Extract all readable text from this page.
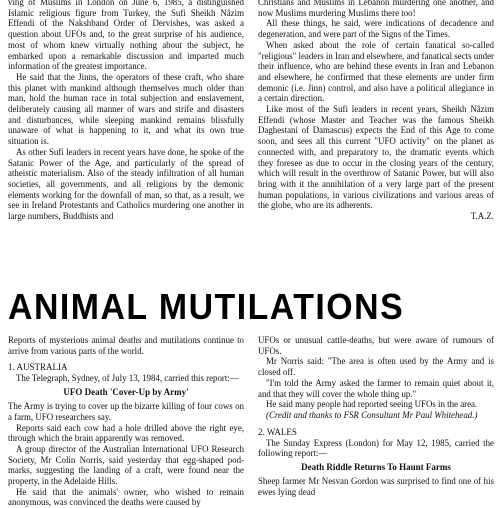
ving of Muslims in London on June 6, 1985, a distinguished Islamic religious figure from Turkey, the Sufi Sheikh Nâzim Effendi of the Nakshband Order of Dervishes, was asked a question about UFOs and, to the great surprise of his audience, most of whom knew virtually nothing about the subject, he embarked upon a remarkable discussion and imparted much information of the greatest importance.

He said that the Jinns, the operators of these craft, who share this planet with mankind although themselves much older than man, hold the human race in total subjection and enslavement, deliberately causing all manner of wars and strife and disasters and disturbances, while sleeping mankind remains blissfully unaware of what is happening to it, and what its own true situation is.

As other Sufi leaders in recent years have done, he spoke of the Satanic Power of the Age, and particularly of the spread of atheistic materialism. Also of the steady infiltration of all human societies, all governments, and all religions by the demonic elements working for the downfall of man, so that, as a result, we see in Ireland Protestants and Catholics murdering one another in large numbers, Buddhists and

Christians and Muslims in Lebanon murdering one another, and now Muslims murdering Muslims there too!

All these things, he said, were indications of decadence and degeneration, and were part of the Signs of the Times.

When asked about the role of certain fanatical so-called "religious" leaders in Iran and elsewhere, and fanatical sects under their influence, who are behind these events in Iran and Lebanon and elsewhere, he confirmed that these elements are under firm demonic (i.e. Jinn) control, and also have a political allegiance in a certain direction.

Like most of the Sufi leaders in recent years, Sheikh Nâzim Effendi (whose Master and Teacher was the famous Sheikh Daghestani of Damascus) expects the End of this Age to come soon, and sees all this current "UFO activity" on the planet as connected with, and preparatory to, the dramatic events which they foresee as due to occur in the closing years of the century, which will result in the overthrow of Satanic Power, but will also bring with it the annihilation of a very large part of the present human populations, in various civilizations and various areas of the globe, who are its adherents.

T.A.Z.

ANIMAL MUTILATIONS

Reports of mysterious animal deaths and mutilations continue to arrive from various parts of the world.

1. AUSTRALIA

The Telegraph, Sydney, of July 13, 1984, carried this report:—

UFO Death 'Cover-Up by Army'

The Army is trying to cover up the bizarre killing of four cows on a farm, UFO researchers say.

Reports said each cow had a hole drilled above the right eye, through which the brain apparently was removed.

A group director of the Australian International UFO Research Society, Mr Colin Norris, said yesterday that egg-shaped pod-marks, suggesting the landing of a craft, were found near the property, in the Adelaide Hills.

He said that the animals' owner, who wished to remain anonymous, was convinced the deaths were caused by

UFOs or unusual cattle-deaths, but were aware of rumours of UFOs.

Mr Norris said: "The area is often used by the Army and is closed off.

"I'm told the Army asked the farmer to remain quiet about it, and that they will cover the whole thing up."

He said many people had reported seeing UFOs in the area.

(Credit and thanks to FSR Consultant Mr Paul Whitehead.)

2. WALES

The Sunday Express (London) for May 12, 1985, carried the following report:—

Death Riddle Returns To Haunt Farms

Sheep farmer Mr Nesvan Gordon was surprised to find one of his ewes lying dead
